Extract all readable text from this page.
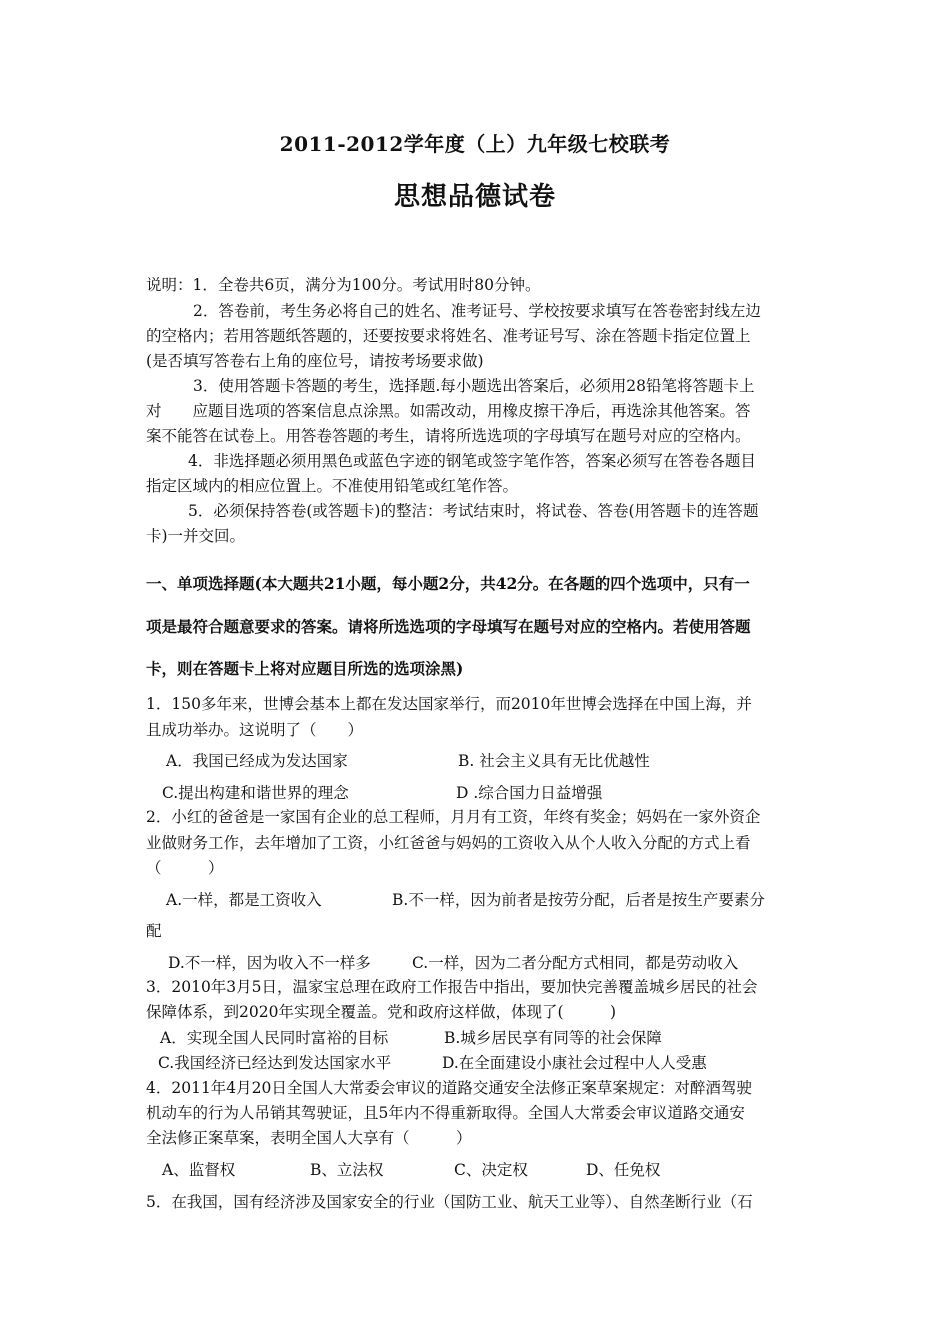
2011-2012学年度（上）九年级七校联考
思想品德试卷
说明：1．全卷共6页，满分为100分。考试用时80分钟。
2．答卷前，考生务必将自己的姓名、准考证号、学校按要求填写在答卷密封线左边
的空格内；若用答题纸答题的，还要按要求将姓名、准考证号写、涂在答题卡指定位置上
(是否填写答卷右上角的座位号，请按考场要求做)
3．使用答题卡答题的考生，选择题.每小题选出答案后，必须用28铅笔将答题卡上
对　　应题目选项的答案信息点涂黑。如需改动，用橡皮擦干净后，再选涂其他答案。答
案不能答在试卷上。用答卷答题的考生，请将所选选项的字母填写在题号对应的空格内。
4．非选择题必须用黑色或蓝色字迹的钢笔或签字笔作答，答案必须写在答卷各题目
指定区域内的相应位置上。不准使用铅笔或红笔作答。
5．必须保持答卷(或答题卡)的整洁：考试结束时，将试卷、答卷(用答题卡的连答题
卡)一并交回。
一、单项选择题(本大题共21小题，每小题2分，共42分。在各题的四个选项中，只有一
项是最符合题意要求的答案。请将所选选项的字母填写在题号对应的空格内。若使用答题
卡，则在答题卡上将对应题目所选的选项涂黑)
1．150多年来，世博会基本上都在发达国家举行，而2010年世博会选择在中国上海，并
且成功举办。这说明了（　　）
A．我国已经成为发达国家	B. 社会主义具有无比优越性
C.提出构建和谐世界的理念	D .综合国力日益增强
2．小红的爸爸是一家国有企业的总工程师，月月有工资，年终有奖金；妈妈在一家外资企
业做财务工作，去年增加了工资，小红爸爸与妈妈的工资收入从个人收入分配的方式上看
（　　　）
A.一样，都是工资收入	B.不一样，因为前者是按劳分配，后者是按生产要素分
配
D.不一样，因为收入不一样多	C.一样，因为二者分配方式相同，都是劳动收入
3．2010年3月5日，温家宝总理在政府工作报告中指出，要加快完善覆盖城乡居民的社会
保障体系，到2020年实现全覆盖。党和政府这样做，体现了(　　　)
A．实现全国人民同时富裕的目标	B.城乡居民享有同等的社会保障
C.我国经济已经达到发达国家水平	D.在全面建设小康社会过程中人人受惠
4．2011年4月20日全国人大常委会审议的道路交通安全法修正案草案规定：对醉酒驾驶
机动车的行为人吊销其驾驶证，且5年内不得重新取得。全国人大常委会审议道路交通安
全法修正案草案，表明全国人大享有（　　　）
A、监督权	B、立法权	C、决定权	D、任免权
5．在我国，国有经济涉及国家安全的行业（国防工业、航天工业等）、自然垄断行业（石
